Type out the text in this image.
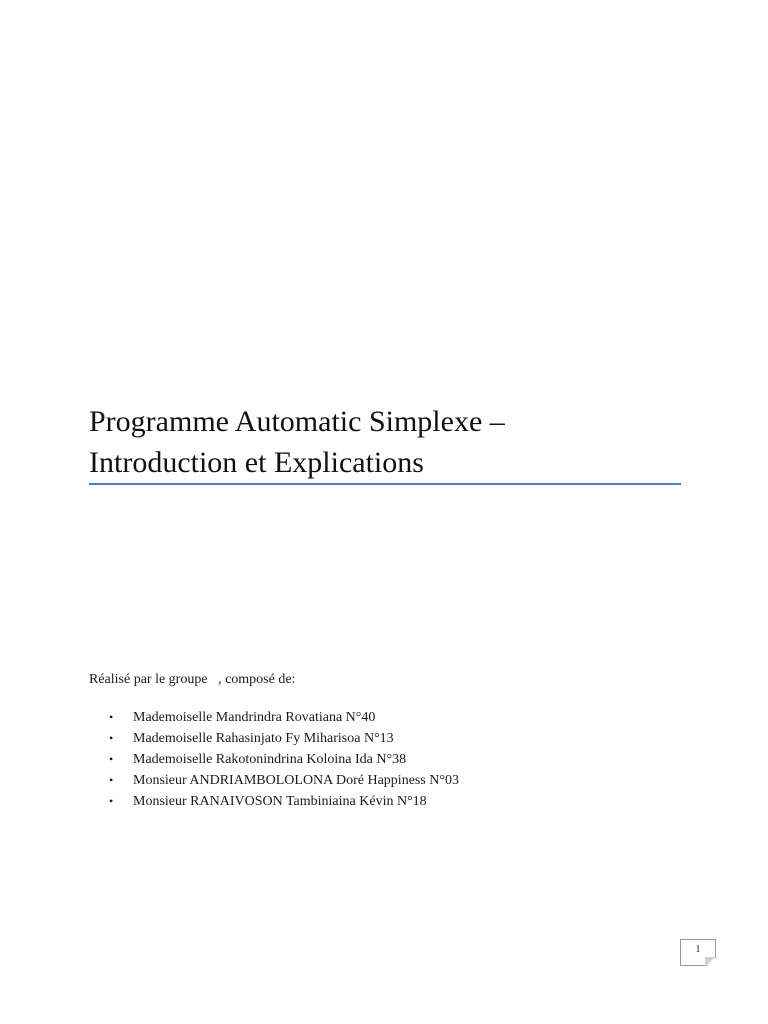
Programme Automatic Simplexe –
Introduction et Explications
Réalisé par le groupe   , composé de:
• Mademoiselle Mandrindra Rovatiana N°40
• Mademoiselle Rahasinjato Fy Miharisoa N°13
• Mademoiselle Rakotonindrina Koloina Ida N°38
• Monsieur ANDRIAMBOLOLONA Doré Happiness N°03
• Monsieur RANAIVOSON Tambiniaina Kévin N°18
1
